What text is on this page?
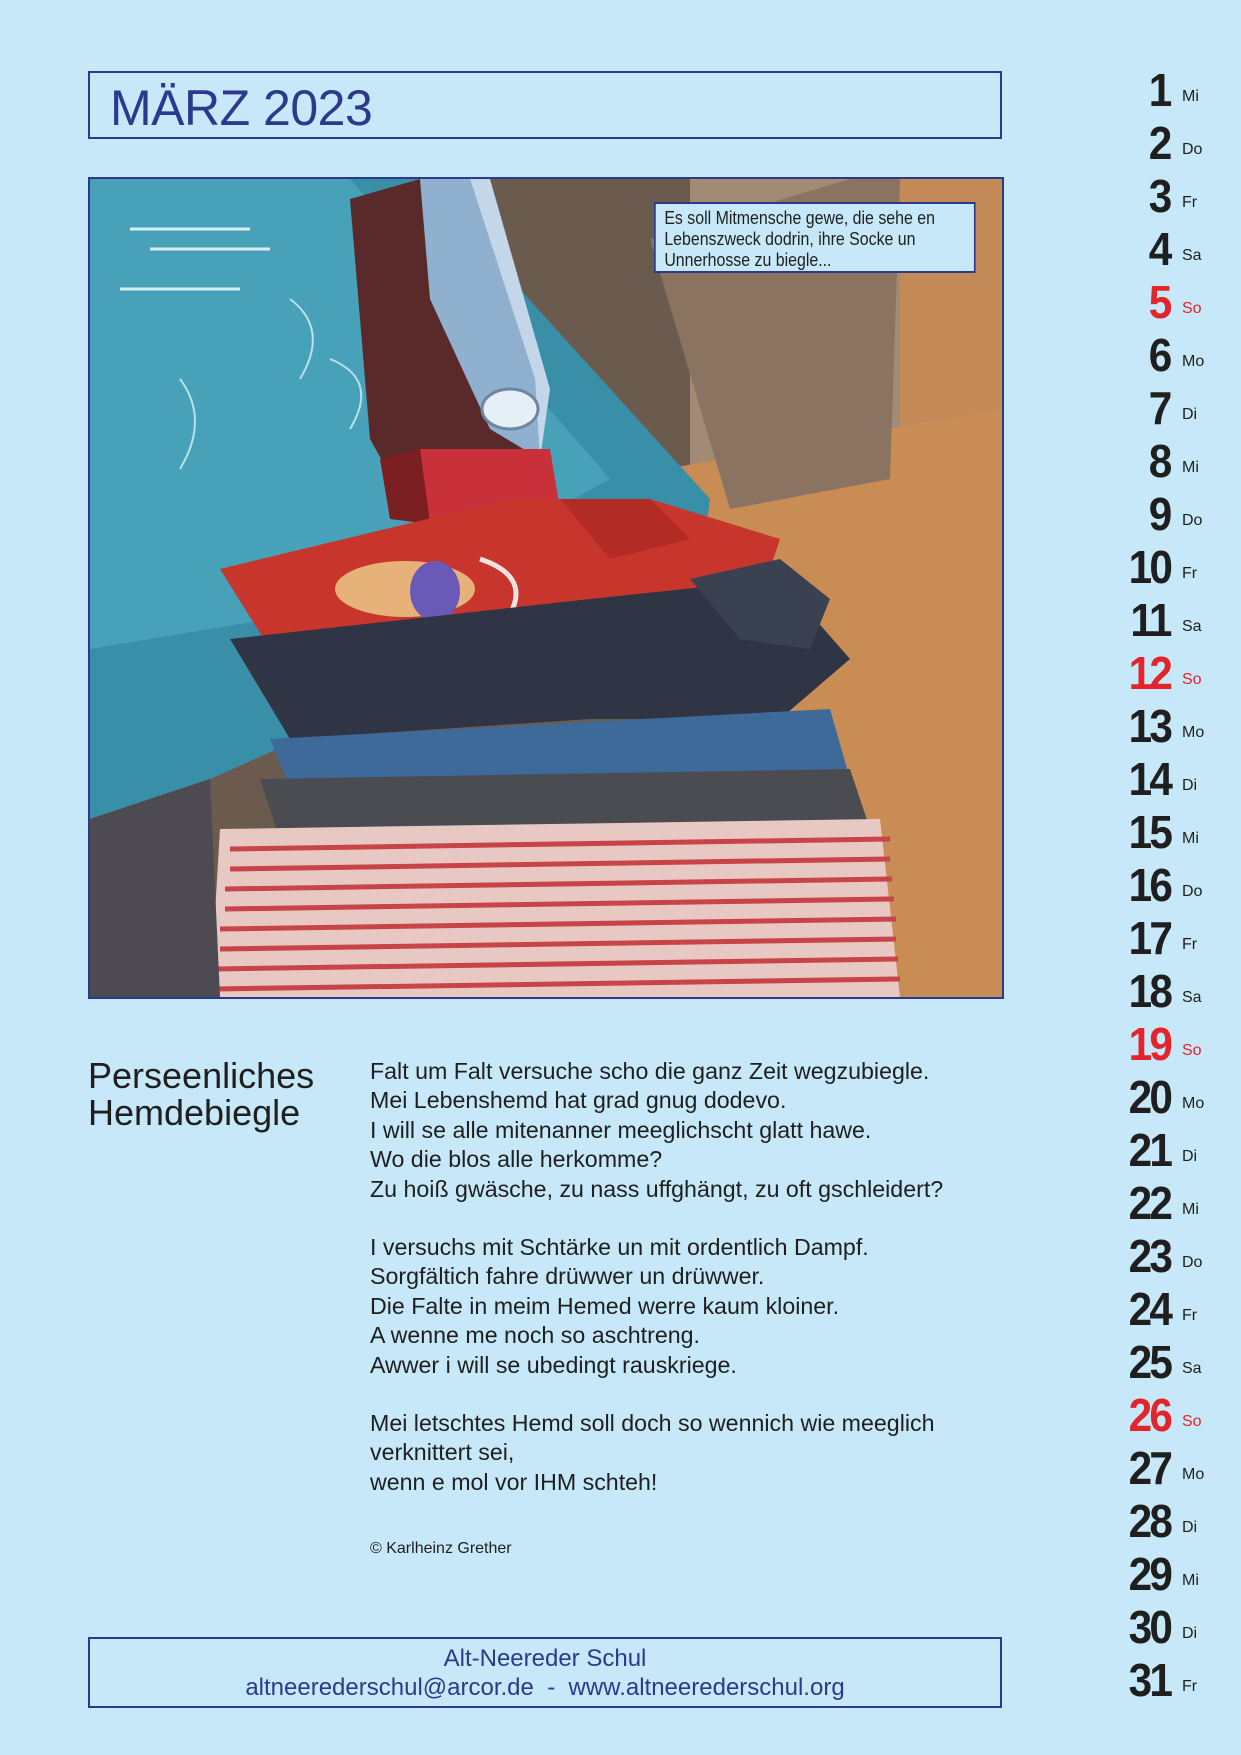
MÄRZ 2023
Es soll Mitmensche gewe, die sehe en Lebenszweck dodrin, ihre Socke un Unnerhosse zu biegle...
Perseenliches
Hemdebiegle
Falt um Falt versuche scho die ganz Zeit wegzubiegle.
Mei Lebenshemd hat grad gnug dodevo.
I will se alle mitenanner meeglichscht glatt hawe.
Wo die blos alle herkomme?
Zu hoiß gwäsche, zu nass uffghängt, zu oft gschleidert?
I versuchs mit Schtärke un mit ordentlich Dampf.
Sorgfältich fahre drüwwer un drüwwer.
Die Falte in meim Hemed werre kaum kloiner.
A wenne me noch so aschtreng.
Awwer i will se ubedingt rauskriege.
Mei letschtes Hemd soll doch so wennich wie meeglich
verknittert sei,
wenn e mol vor IHM schteh!
© Karlheinz Grether
Alt-Neereder Schul
altneerederschul@arcor.de  -  www.altneerederschul.org
1 Mi
2 Do
3 Fr
4 Sa
5 So
6 Mo
7 Di
8 Mi
9 Do
10 Fr
11 Sa
12 So
13 Mo
14 Di
15 Mi
16 Do
17 Fr
18 Sa
19 So
20 Mo
21 Di
22 Mi
23 Do
24 Fr
25 Sa
26 So
27 Mo
28 Di
29 Mi
30 Di
31 Fr
